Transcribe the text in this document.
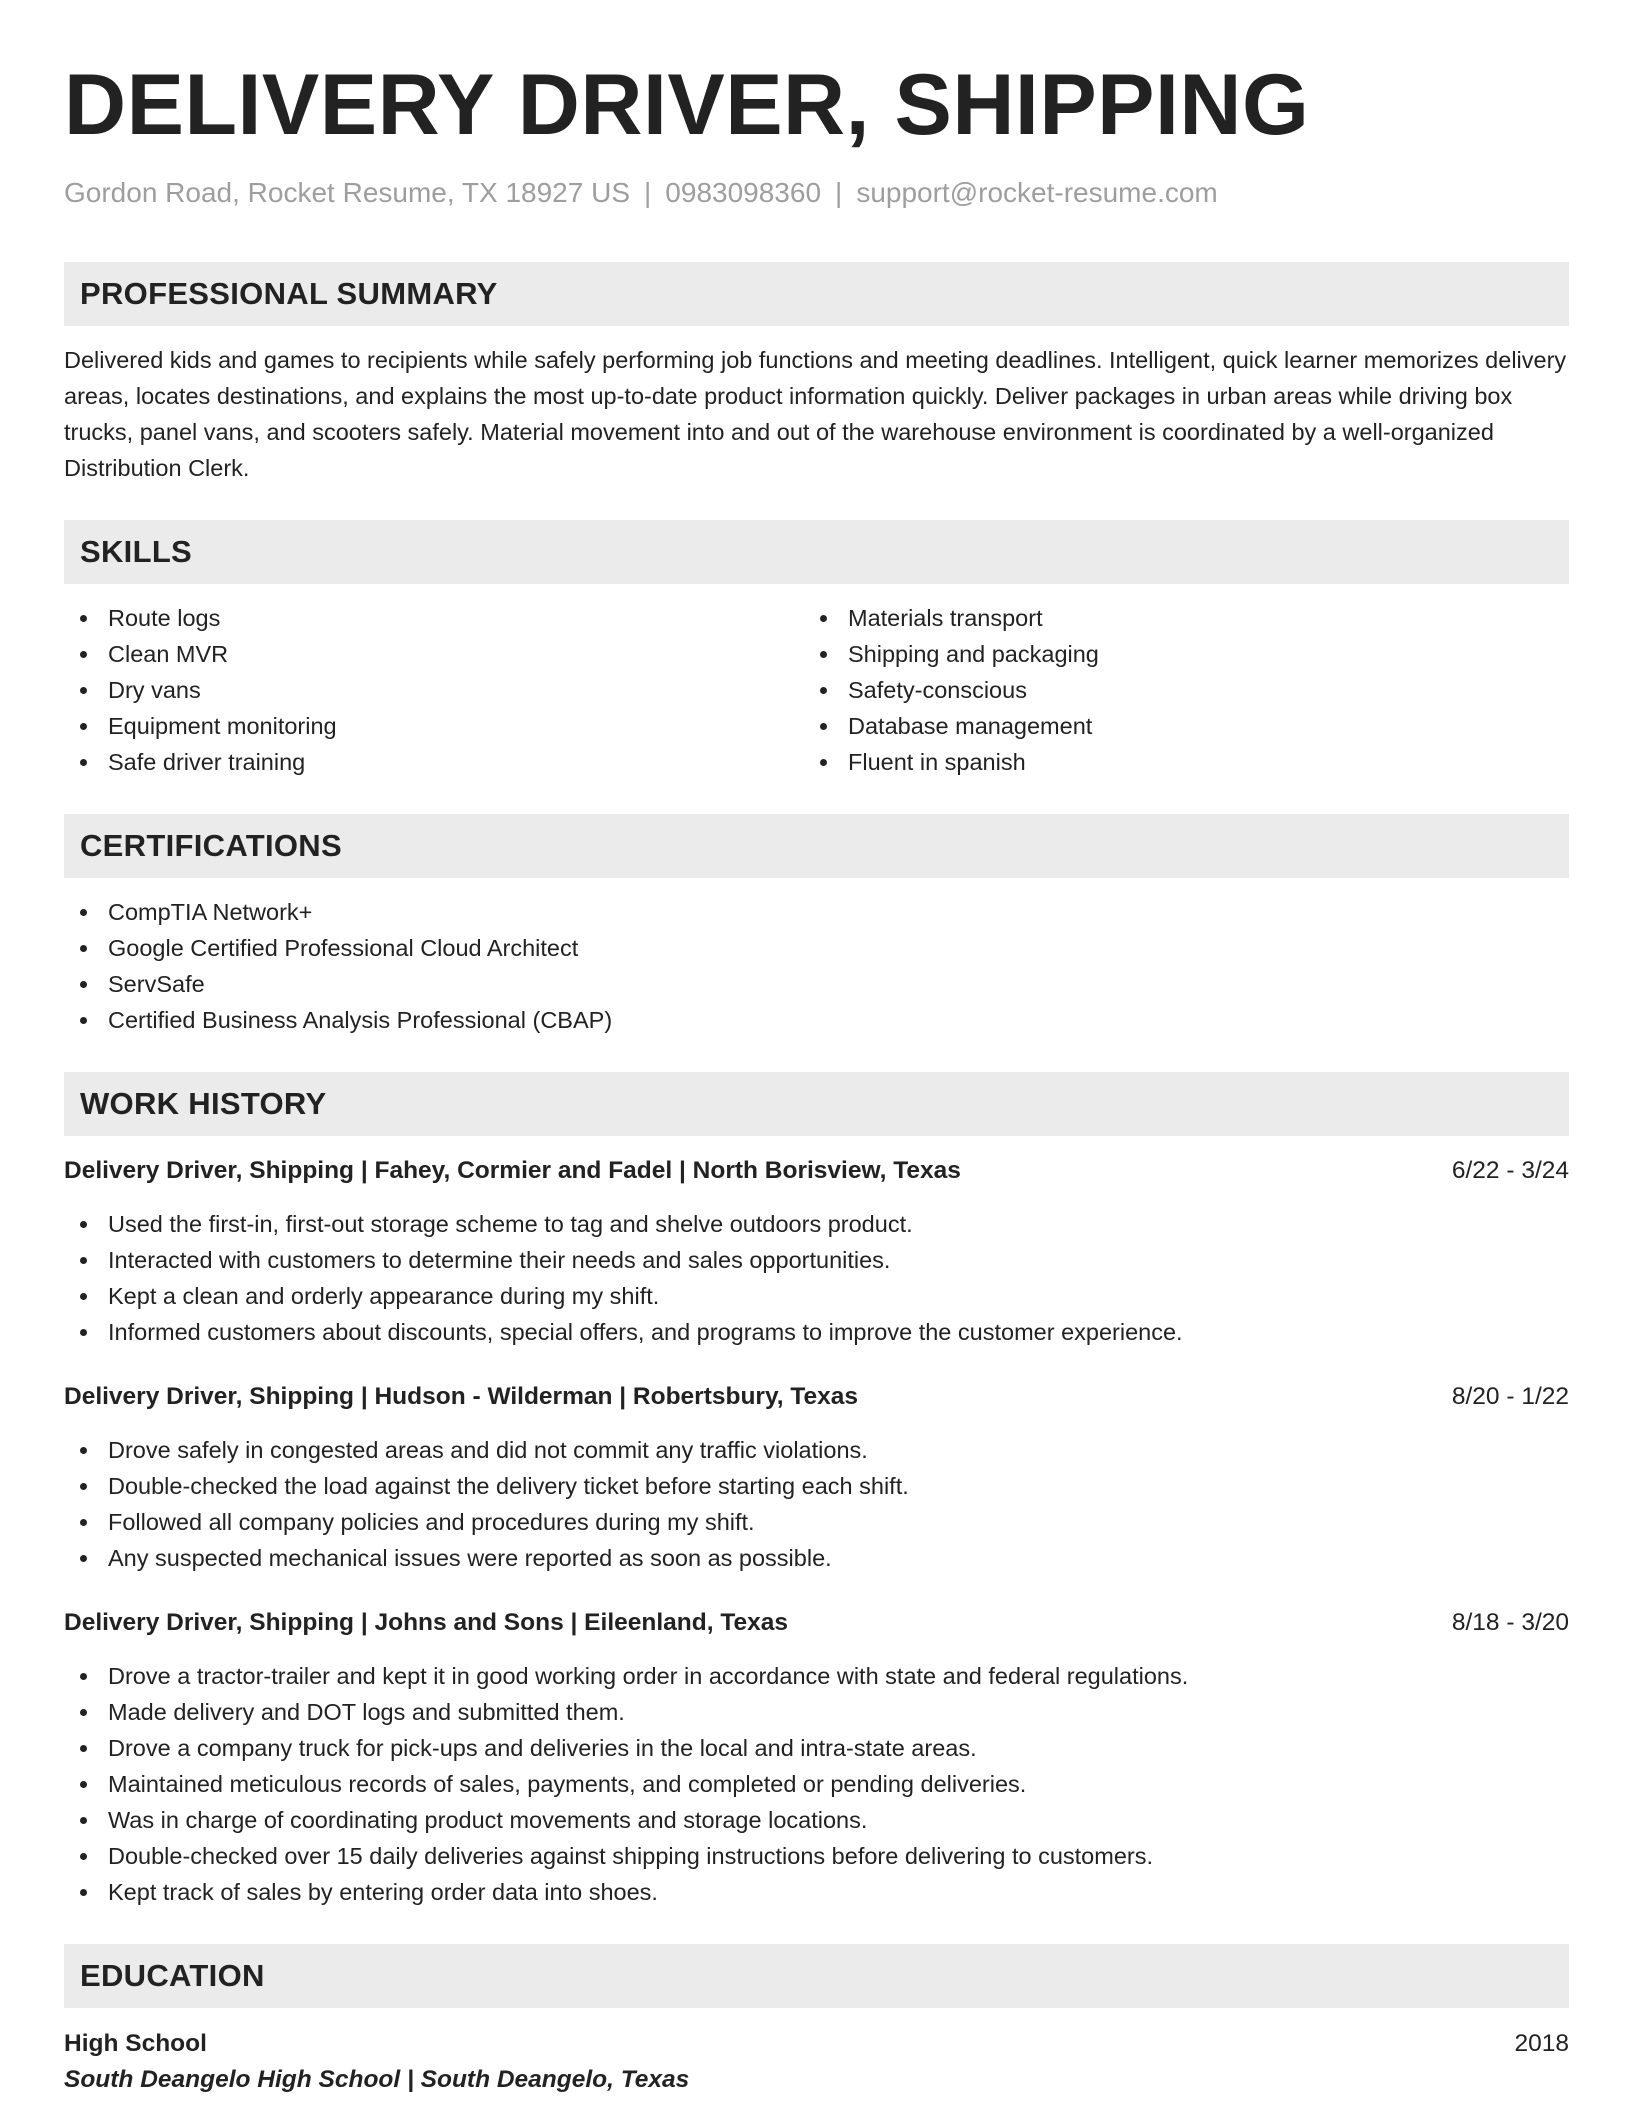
DELIVERY DRIVER, SHIPPING
Gordon Road, Rocket Resume, TX 18927 US | 0983098360 | support@rocket-resume.com
PROFESSIONAL SUMMARY

Delivered kids and games to recipients while safely performing job functions and meeting deadlines. Intelligent, quick learner memorizes delivery areas, locates destinations, and explains the most up-to-date product information quickly. Deliver packages in urban areas while driving box trucks, panel vans, and scooters safely. Material movement into and out of the warehouse environment is coordinated by a well-organized Distribution Clerk.

SKILLS
Route logs
Clean MVR
Dry vans
Equipment monitoring
Safe driver training
Materials transport
Shipping and packaging
Safety-conscious
Database management
Fluent in spanish
CERTIFICATIONS
CompTIA Network+
Google Certified Professional Cloud Architect
ServSafe
Certified Business Analysis Professional (CBAP)
WORK HISTORY
Delivery Driver, Shipping | Fahey, Cormier and Fadel | North Borisview, Texas	6/22 - 3/24
Used the first-in, first-out storage scheme to tag and shelve outdoors product.
Interacted with customers to determine their needs and sales opportunities.
Kept a clean and orderly appearance during my shift.
Informed customers about discounts, special offers, and programs to improve the customer experience.
Delivery Driver, Shipping | Hudson - Wilderman | Robertsbury, Texas	8/20 - 1/22
Drove safely in congested areas and did not commit any traffic violations.
Double-checked the load against the delivery ticket before starting each shift.
Followed all company policies and procedures during my shift.
Any suspected mechanical issues were reported as soon as possible.
Delivery Driver, Shipping | Johns and Sons | Eileenland, Texas	8/18 - 3/20
Drove a tractor-trailer and kept it in good working order in accordance with state and federal regulations.
Made delivery and DOT logs and submitted them.
Drove a company truck for pick-ups and deliveries in the local and intra-state areas.
Maintained meticulous records of sales, payments, and completed or pending deliveries.
Was in charge of coordinating product movements and storage locations.
Double-checked over 15 daily deliveries against shipping instructions before delivering to customers.
Kept track of sales by entering order data into shoes.
EDUCATION
High School	2018
South Deangelo High School | South Deangelo, Texas
